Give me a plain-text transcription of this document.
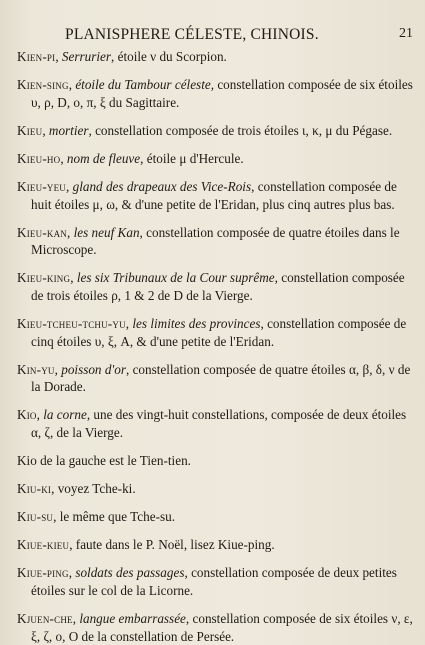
PLANISPHERE CÉLESTE, CHINOIS.	21

Kien-pi, Serrurier, étoile ν du Scorpion.

Kien-sing, étoile du Tambour céleste, constellation composée de six étoiles υ, ρ, D, ο, π, ξ du Sagittaire.

Kieu, mortier, constellation composée de trois étoiles ι, κ, μ du Pégase.

Kieu-ho, nom de fleuve, étoile μ d'Hercule.

Kieu-yeu, gland des drapeaux des Vice-Rois, constellation composée de huit étoiles μ, ω, & d'une petite de l'Eridan, plus cinq autres plus bas.

Kieu-kan, les neuf Kan, constellation composée de quatre étoiles dans le Microscope.

Kieu-king, les six Tribunaux de la Cour suprême, constellation composée de trois étoiles ρ, 1 & 2 de D de la Vierge.

Kieu-tcheu-tchu-yu, les limites des provinces, constellation composée de cinq étoiles υ, ξ, A, & d'une petite de l'Eridan.

Kin-yu, poisson d'or, constellation composée de quatre étoiles α, β, δ, ν de la Dorade.

Kio, la corne, une des vingt-huit constellations, composée de deux étoiles α, ζ, de la Vierge.

Kio de la gauche est le Tien-tien.

Kiu-ki, voyez Tche-ki.

Kiu-su, le même que Tche-su.

Kiue-kieu, faute dans le P. Noël, lisez Kiue-ping.

Kiue-ping, soldats des passages, constellation composée de deux petites étoiles sur le col de la Licorne.

Kjuen-che, langue embarrassée, constellation composée de six étoiles ν, ε, ξ, ζ, ο, O de la constellation de Persée.
